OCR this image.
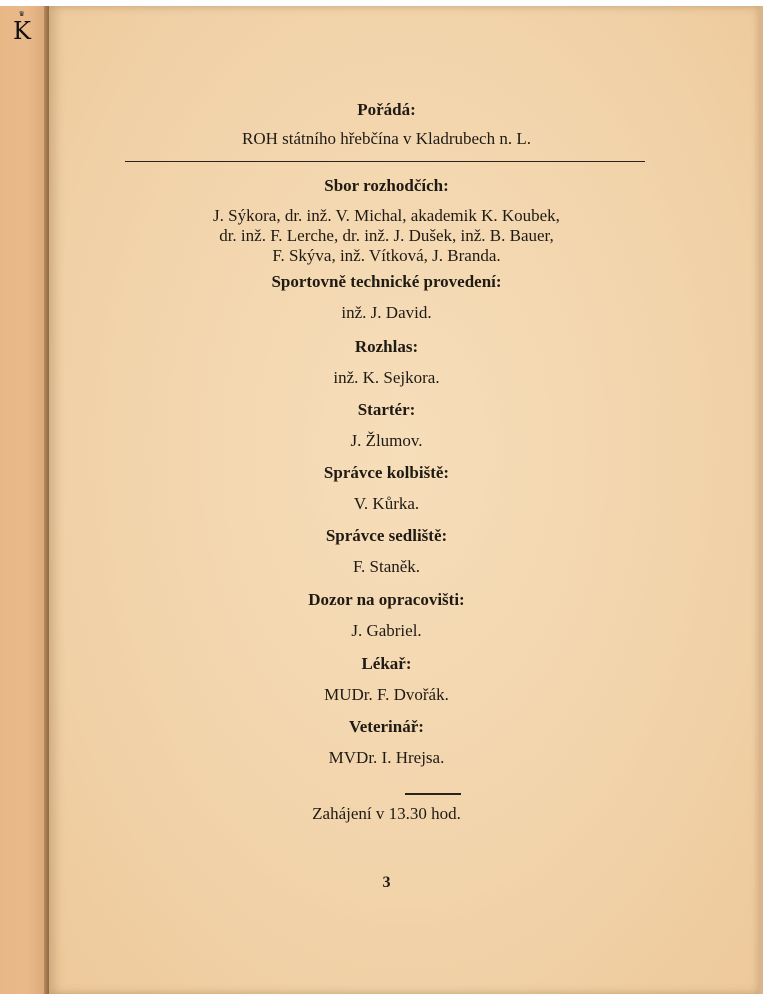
♛
K

Pořádá:

ROH státního hřebčína v Kladrubech n. L.

Sbor rozhodčích:

J. Sýkora, dr. inž. V. Michal, akademik K. Koubek,

dr. inž. F. Lerche, dr. inž. J. Dušek, inž. B. Bauer,

F. Skýva, inž. Vítková, J. Branda.

Sportovně technické provedení:

inž. J. David.

Rozhlas:

inž. K. Sejkora.

Startér:

J. Žlumov.

Správce kolbiště:

V. Kůrka.

Správce sedliště:

F. Staněk.

Dozor na opracovišti:

J. Gabriel.

Lékař:

MUDr. F. Dvořák.

Veterinář:

MVDr. I. Hrejsa.

Zahájení v 13.30 hod.

3
